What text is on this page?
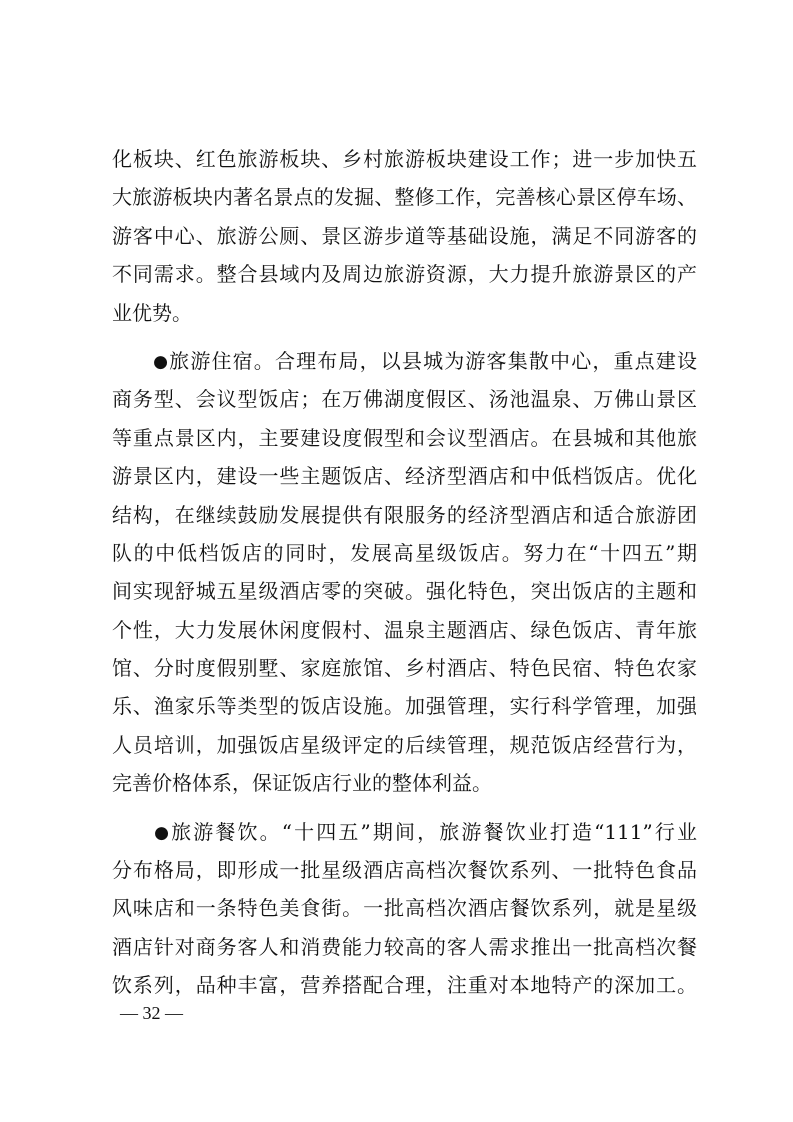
化板块、红色旅游板块、乡村旅游板块建设工作；进一步加快五
大旅游板块内著名景点的发掘、整修工作，完善核心景区停车场、
游客中心、旅游公厕、景区游步道等基础设施，满足不同游客的
不同需求。整合县域内及周边旅游资源，大力提升旅游景区的产
业优势。
●旅游住宿。合理布局，以县城为游客集散中心，重点建设
商务型、会议型饭店；在万佛湖度假区、汤池温泉、万佛山景区
等重点景区内，主要建设度假型和会议型酒店。在县城和其他旅
游景区内，建设一些主题饭店、经济型酒店和中低档饭店。优化
结构，在继续鼓励发展提供有限服务的经济型酒店和适合旅游团
队的中低档饭店的同时，发展高星级饭店。努力在“十四五”期
间实现舒城五星级酒店零的突破。强化特色，突出饭店的主题和
个性，大力发展休闲度假村、温泉主题酒店、绿色饭店、青年旅
馆、分时度假别墅、家庭旅馆、乡村酒店、特色民宿、特色农家
乐、渔家乐等类型的饭店设施。加强管理，实行科学管理，加强
人员培训，加强饭店星级评定的后续管理，规范饭店经营行为，
完善价格体系，保证饭店行业的整体利益。
●旅游餐饮。“十四五”期间，旅游餐饮业打造“111”行业
分布格局，即形成一批星级酒店高档次餐饮系列、一批特色食品
风味店和一条特色美食街。一批高档次酒店餐饮系列，就是星级
酒店针对商务客人和消费能力较高的客人需求推出一批高档次餐
饮系列，品种丰富，营养搭配合理，注重对本地特产的深加工。
— 32 —
